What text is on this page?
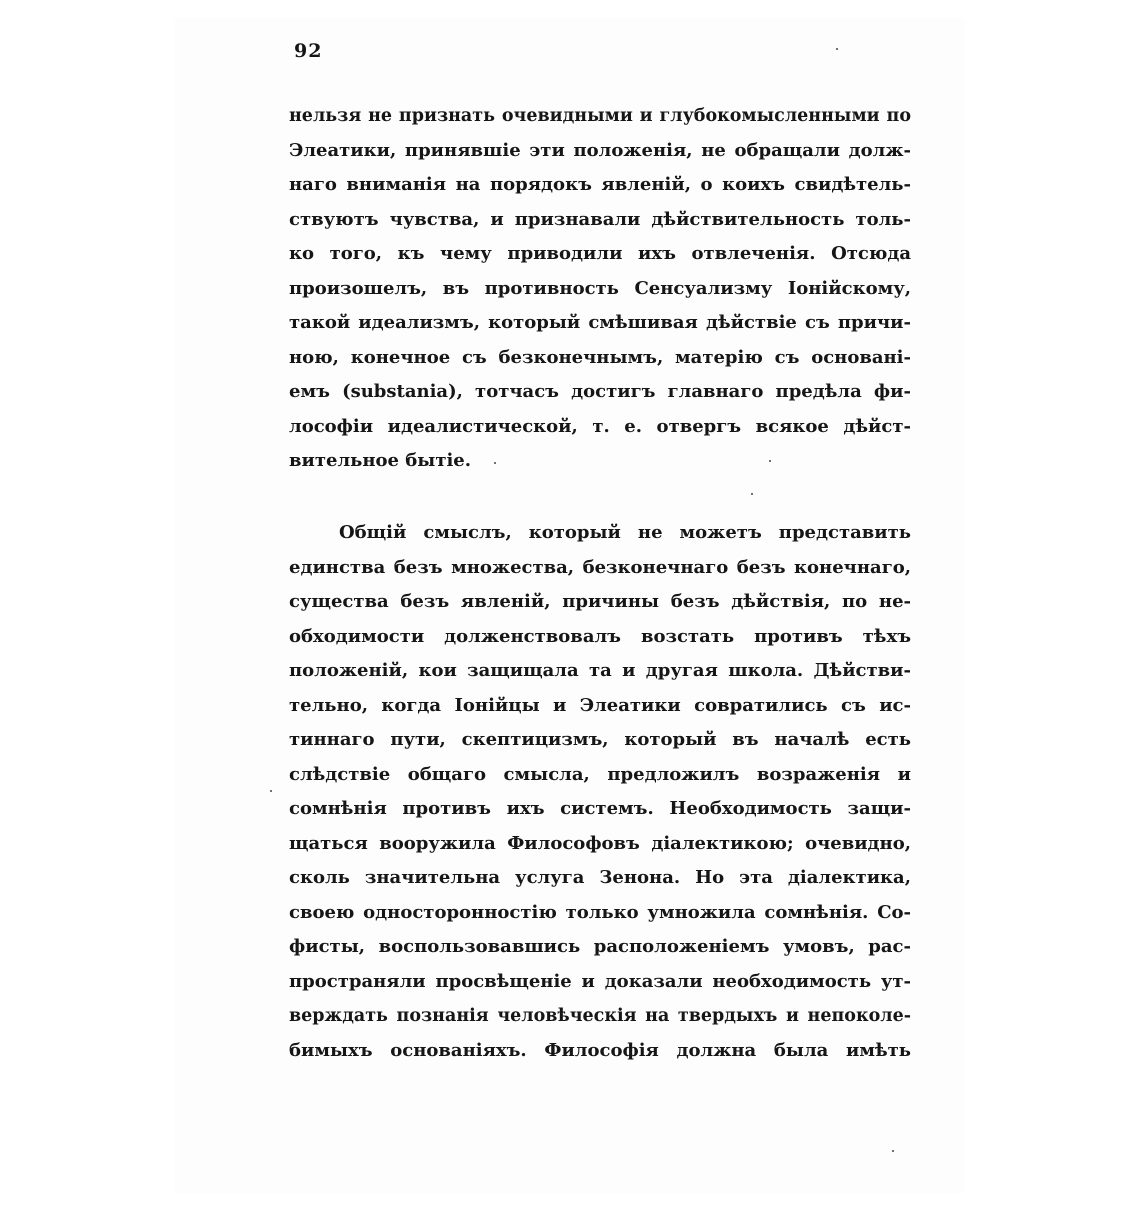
92
нельзя не признать очевидными и глубокомысленными по
Элеатики, принявшіе эти положенія, не обращали долж-
наго вниманія на порядокъ явленій, о коихъ свидѣтель-
ствуютъ чувства, и признавали дѣйствительность толь-
ко того, къ чему приводили ихъ отвлеченія. Отсюда
произошелъ, въ противность Сенсуализму Іонійскому,
такой идеализмъ, который смѣшивая дѣйствіе съ причи-
ною, конечное съ безконечнымъ, матерію съ основані-
емъ (substania), тотчасъ достигъ главнаго предѣла фи-
лософіи идеалистической, т. е. отвергъ всякое дѣйст-
вительное бытіе.
Общій смыслъ, который не можетъ представить
единства безъ множества, безконечнаго безъ конечнаго,
существа безъ явленій, причины безъ дѣйствія, по не-
обходимости долженствовалъ возстать противъ тѣхъ
положеній, кои защищала та и другая школа. Дѣйстви-
тельно, когда Іонійцы и Элеатики совратились съ ис-
тиннаго пути, скептицизмъ, который въ началѣ есть
слѣдствіе общаго смысла, предложилъ возраженія и
сомнѣнія противъ ихъ системъ. Необходимость защи-
щаться вооружила Философовъ діалектикою; очевидно,
сколь значительна услуга Зенона. Но эта діалектика,
своею односторонностію только умножила сомнѣнія. Со-
фисты, воспользовавшись расположеніемъ умовъ, рас-
пространяли просвѣщеніе и доказали необходимость ут-
верждать познанія человѣческія на твердыхъ и непоколе-
бимыхъ основаніяхъ. Философія должна была имѣть
